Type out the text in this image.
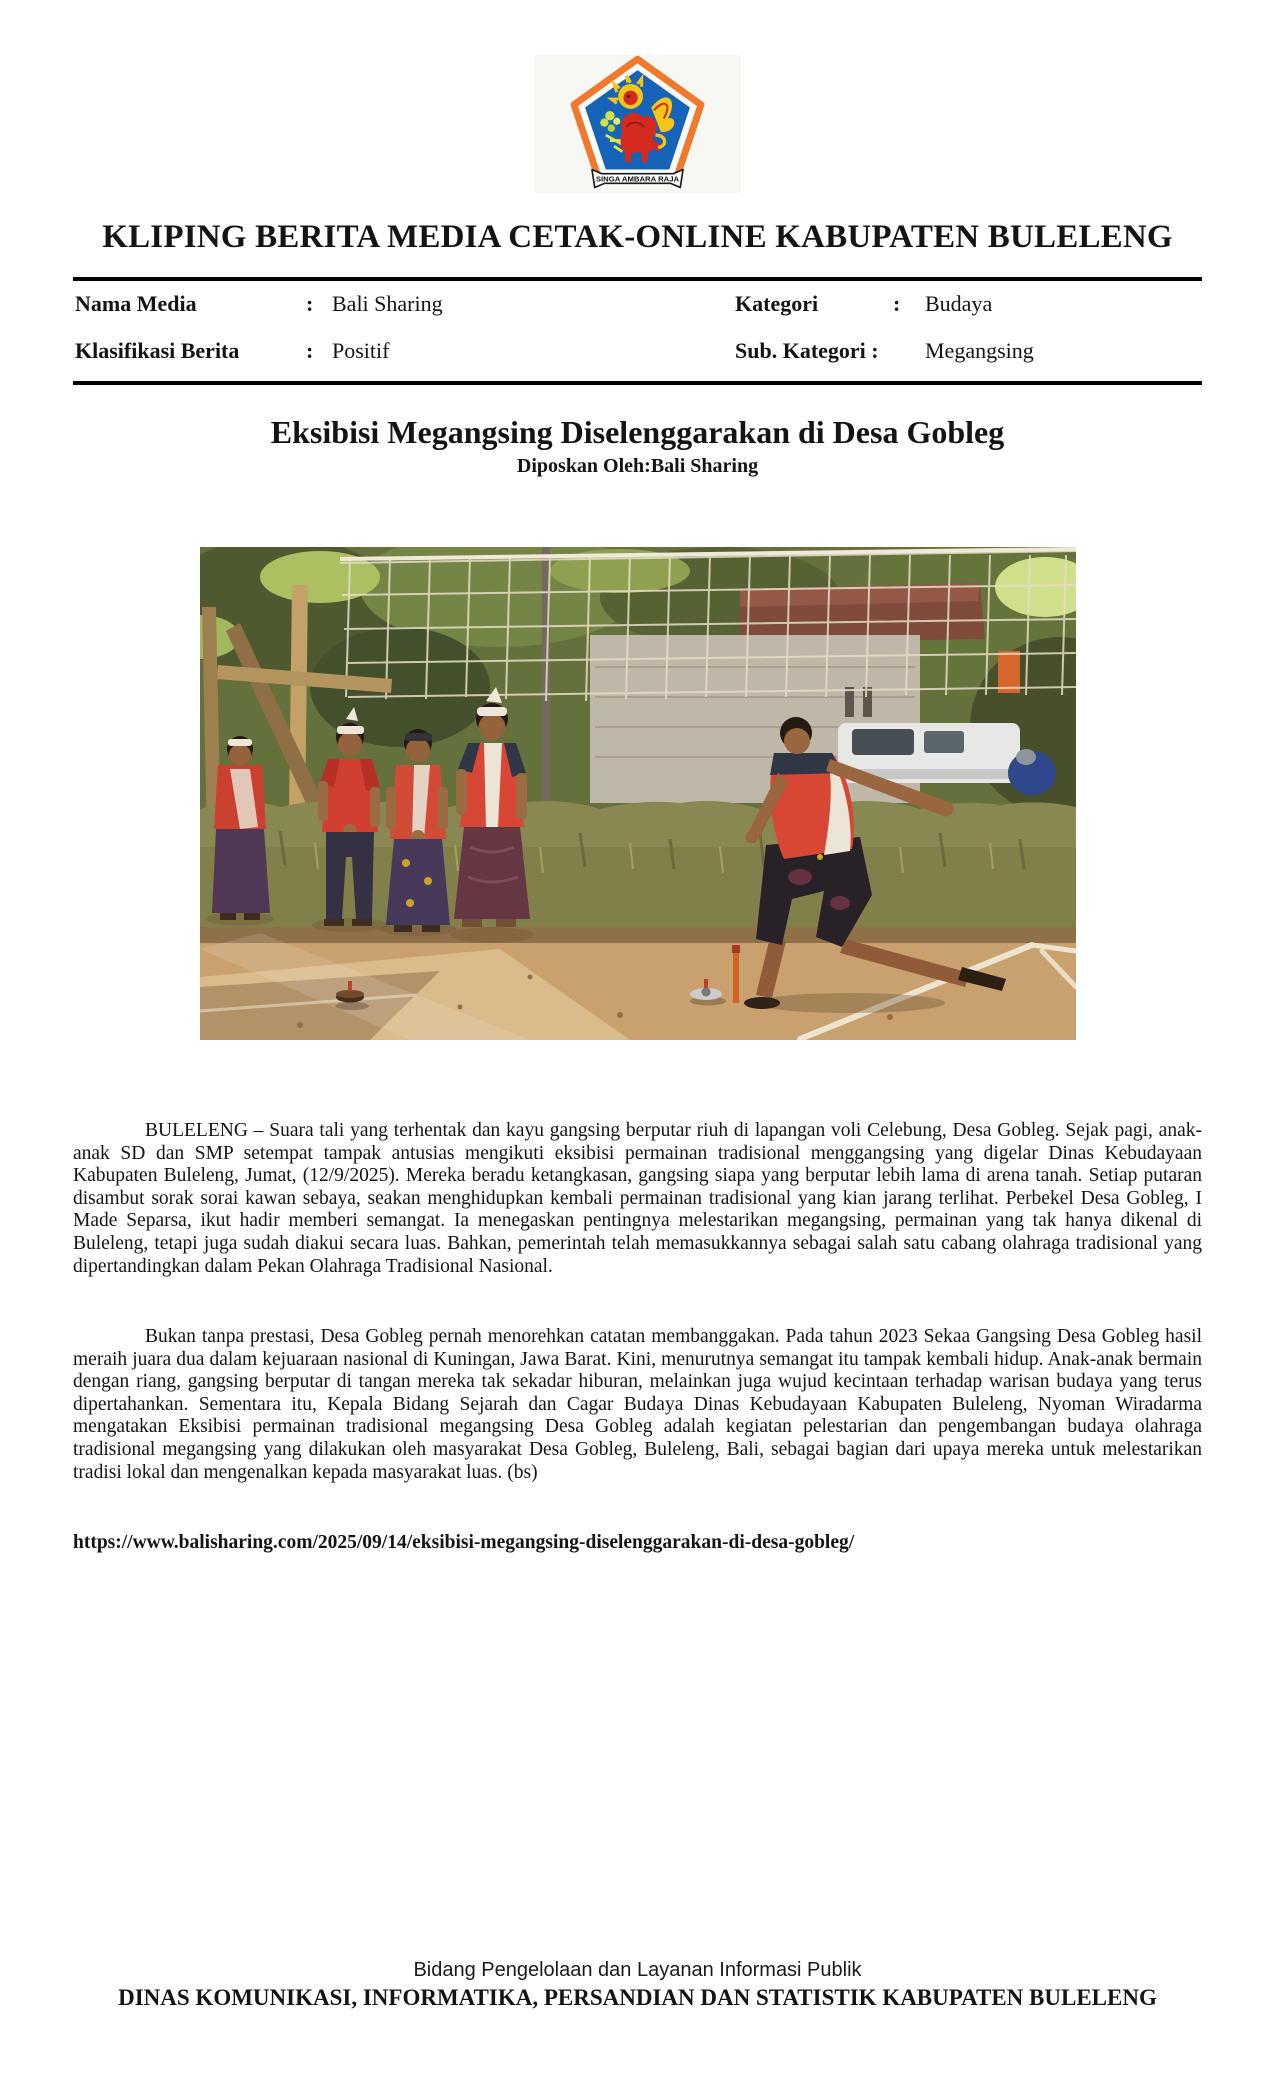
SINGA AMBARA RAJA
KLIPING BERITA MEDIA CETAK-ONLINE KABUPATEN BULELENG
Nama Media	: Bali Sharing	Kategori	: Budaya
Klasifikasi Berita	: Positif	Sub. Kategori : Megangsing
Eksibisi Megangsing Diselenggarakan di Desa Gobleg
Diposkan Oleh:Bali Sharing

BULELENG – Suara tali yang terhentak dan kayu gangsing berputar riuh di lapangan voli Celebung, Desa Gobleg. Sejak pagi, anak-anak SD dan SMP setempat tampak antusias mengikuti eksibisi permainan tradisional menggangsing yang digelar Dinas Kebudayaan Kabupaten Buleleng, Jumat, (12/9/2025). Mereka beradu ketangkasan, gangsing siapa yang berputar lebih lama di arena tanah. Setiap putaran disambut sorak sorai kawan sebaya, seakan menghidupkan kembali permainan tradisional yang kian jarang terlihat. Perbekel Desa Gobleg, I Made Separsa, ikut hadir memberi semangat. Ia menegaskan pentingnya melestarikan megangsing, permainan yang tak hanya dikenal di Buleleng, tetapi juga sudah diakui secara luas. Bahkan, pemerintah telah memasukkannya sebagai salah satu cabang olahraga tradisional yang dipertandingkan dalam Pekan Olahraga Tradisional Nasional.

Bukan tanpa prestasi, Desa Gobleg pernah menorehkan catatan membanggakan. Pada tahun 2023 Sekaa Gangsing Desa Gobleg hasil meraih juara dua dalam kejuaraan nasional di Kuningan, Jawa Barat. Kini, menurutnya semangat itu tampak kembali hidup. Anak-anak bermain dengan riang, gangsing berputar di tangan mereka tak sekadar hiburan, melainkan juga wujud kecintaan terhadap warisan budaya yang terus dipertahankan. Sementara itu, Kepala Bidang Sejarah dan Cagar Budaya Dinas Kebudayaan Kabupaten Buleleng, Nyoman Wiradarma mengatakan Eksibisi permainan tradisional megangsing Desa Gobleg adalah kegiatan pelestarian dan pengembangan budaya olahraga tradisional megangsing yang dilakukan oleh masyarakat Desa Gobleg, Buleleng, Bali, sebagai bagian dari upaya mereka untuk melestarikan tradisi lokal dan mengenalkan kepada masyarakat luas. (bs)

https://www.balisharing.com/2025/09/14/eksibisi-megangsing-diselenggarakan-di-desa-gobleg/
Bidang Pengelolaan dan Layanan Informasi Publik
DINAS KOMUNIKASI, INFORMATIKA, PERSANDIAN DAN STATISTIK KABUPATEN BULELENG
